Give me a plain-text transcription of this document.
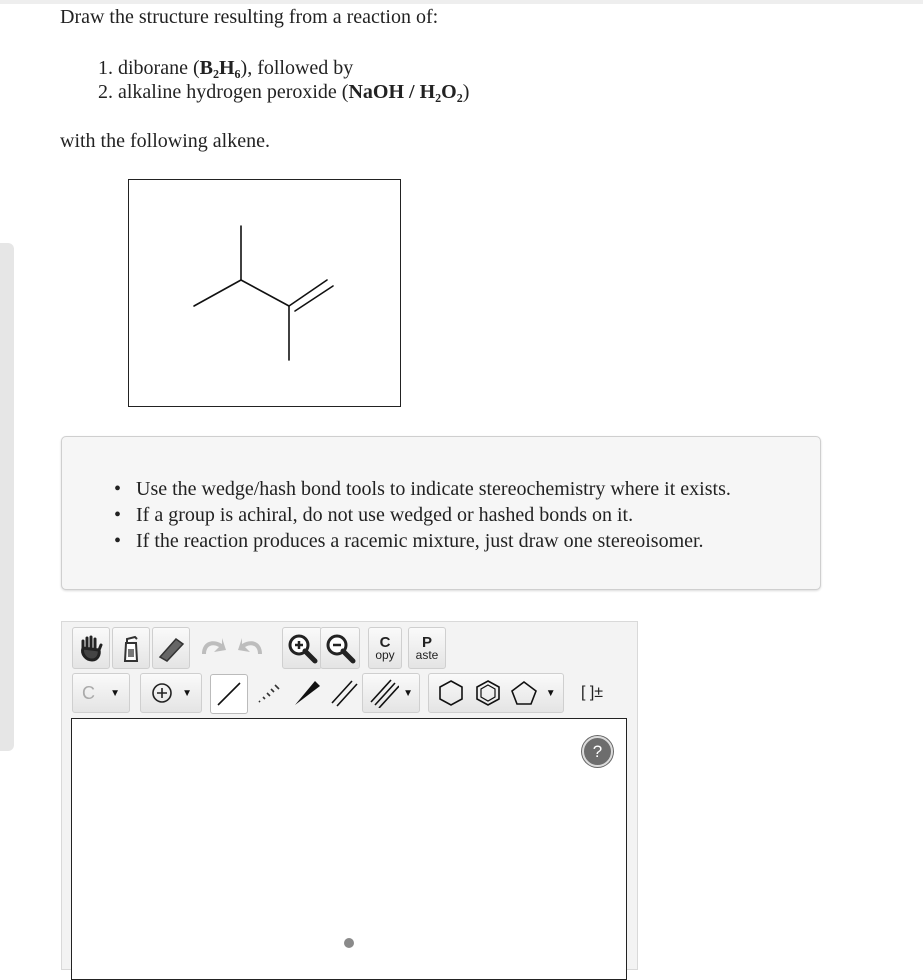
Draw the structure resulting from a reaction of:
1. diborane (B₂H₆), followed by
2. alkaline hydrogen peroxide (NaOH / H₂O₂)
with the following alkene.
• Use the wedge/hash bond tools to indicate stereochemistry where it exists.
• If a group is achiral, do not use wedged or hashed bonds on it.
• If the reaction produces a racemic mixture, just draw one stereoisomer.
C
opy
P
aste
C ▼	▼	▼	▼ [ ]±
?
